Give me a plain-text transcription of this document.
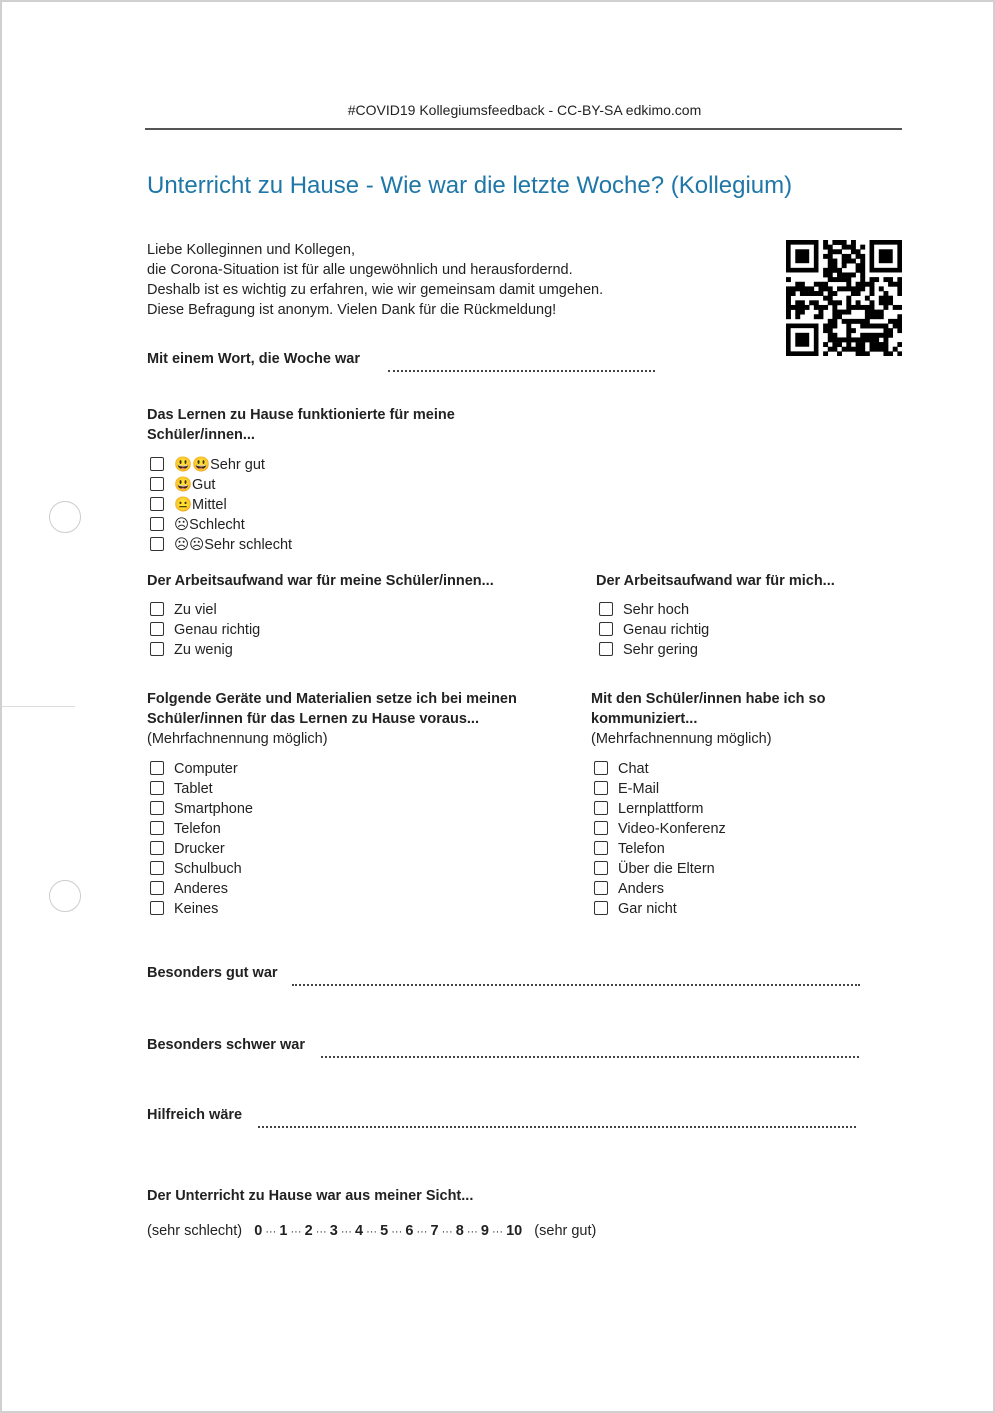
#COVID19 Kollegiumsfeedback - CC-BY-SA edkimo.com
Unterricht zu Hause - Wie war die letzte Woche? (Kollegium)
Liebe Kolleginnen und Kollegen,
die Corona-Situation ist für alle ungewöhnlich und herausfordernd.
Deshalb ist es wichtig zu erfahren, wie wir gemeinsam damit umgehen.
Diese Befragung ist anonym. Vielen Dank für die Rückmeldung!
Mit einem Wort, die Woche war
Das Lernen zu Hause funktionierte für meine
Schüler/innen...
😃😃Sehr gut
😃Gut
😐Mittel
☹Schlecht
☹☹Sehr schlecht
Der Arbeitsaufwand war für meine Schüler/innen...
Zu viel
Genau richtig
Zu wenig
Der Arbeitsaufwand war für mich...
Sehr hoch
Genau richtig
Sehr gering
Folgende Geräte und Materialien setze ich bei meinen
Schüler/innen für das Lernen zu Hause voraus...
(Mehrfachnennung möglich)
Computer
Tablet
Smartphone
Telefon
Drucker
Schulbuch
Anderes
Keines
Mit den Schüler/innen habe ich so
kommuniziert...
(Mehrfachnennung möglich)
Chat
E-Mail
Lernplattform
Video-Konferenz
Telefon
Über die Eltern
Anders
Gar nicht
Besonders gut war
Besonders schwer war
Hilfreich wäre
Der Unterricht zu Hause war aus meiner Sicht...
(sehr schlecht) 0 ··· 1 ··· 2 ··· 3 ··· 4 ··· 5 ··· 6 ··· 7 ··· 8 ··· 9 ··· 10 (sehr gut)
